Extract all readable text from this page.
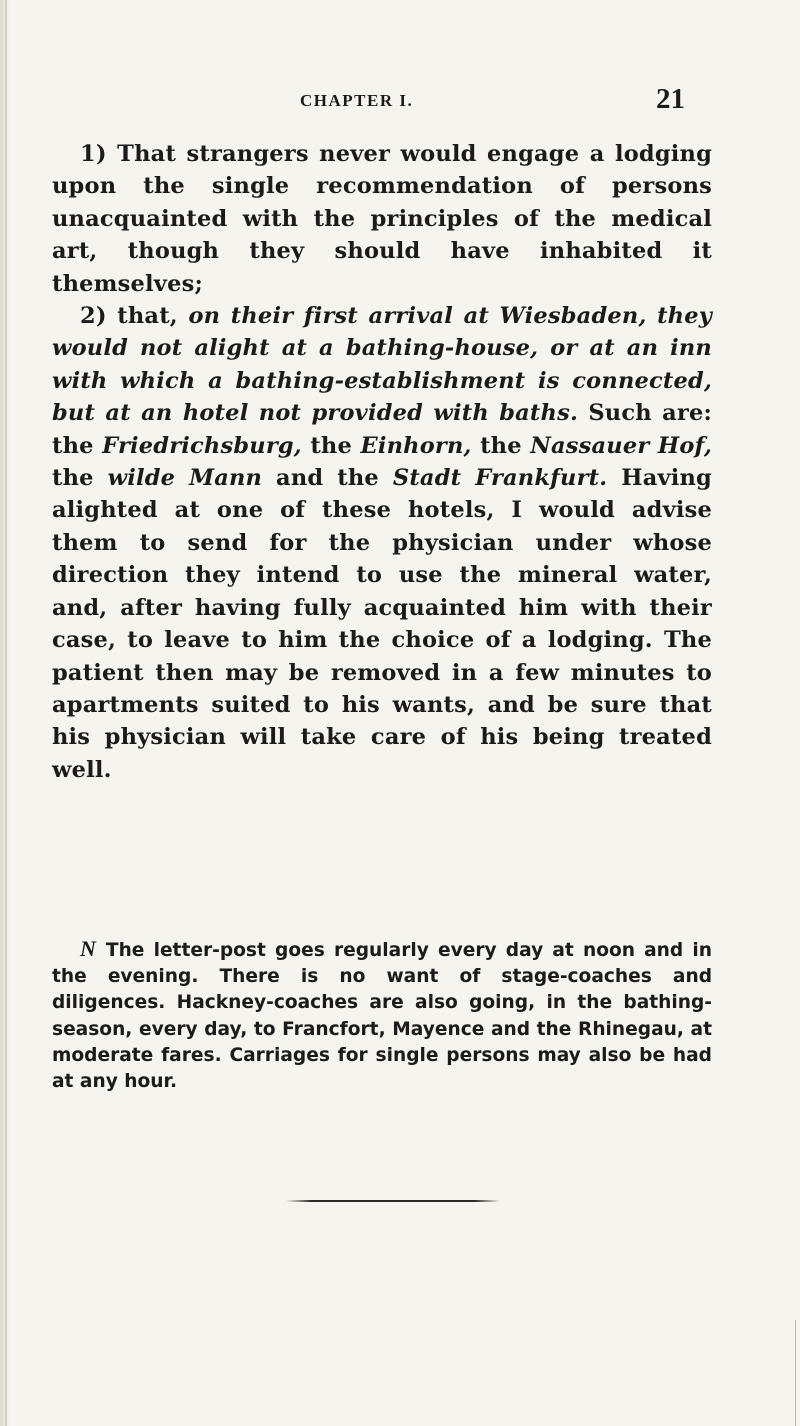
CHAPTER I.	21

1) That strangers never would engage a lodging upon the single recommendation of persons unacquainted with the principles of the medical art, though they should have inhabited it themselves;

2) that, on their first arrival at Wiesbaden, they would not alight at a bathing-house, or at an inn with which a bathing-establishment is connected, but at an hotel not provided with baths. Such are: the Friedrichsburg, the Einhorn, the Nassauer Hof, the wilde Mann and the Stadt Frankfurt. Having alighted at one of these hotels, I would advise them to send for the physician under whose direction they intend to use the mineral water, and, after having fully acquainted him with their case, to leave to him the choice of a lodging. The patient then may be removed in a few minutes to apartments suited to his wants, and be sure that his physician will take care of his being treated well.

N The letter-post goes regularly every day at noon and in the evening. There is no want of stage-coaches and diligences. Hackney-coaches are also going, in the bathing-season, every day, to Francfort, Mayence and the Rhinegau, at moderate fares. Carriages for single persons may also be had at any hour.
